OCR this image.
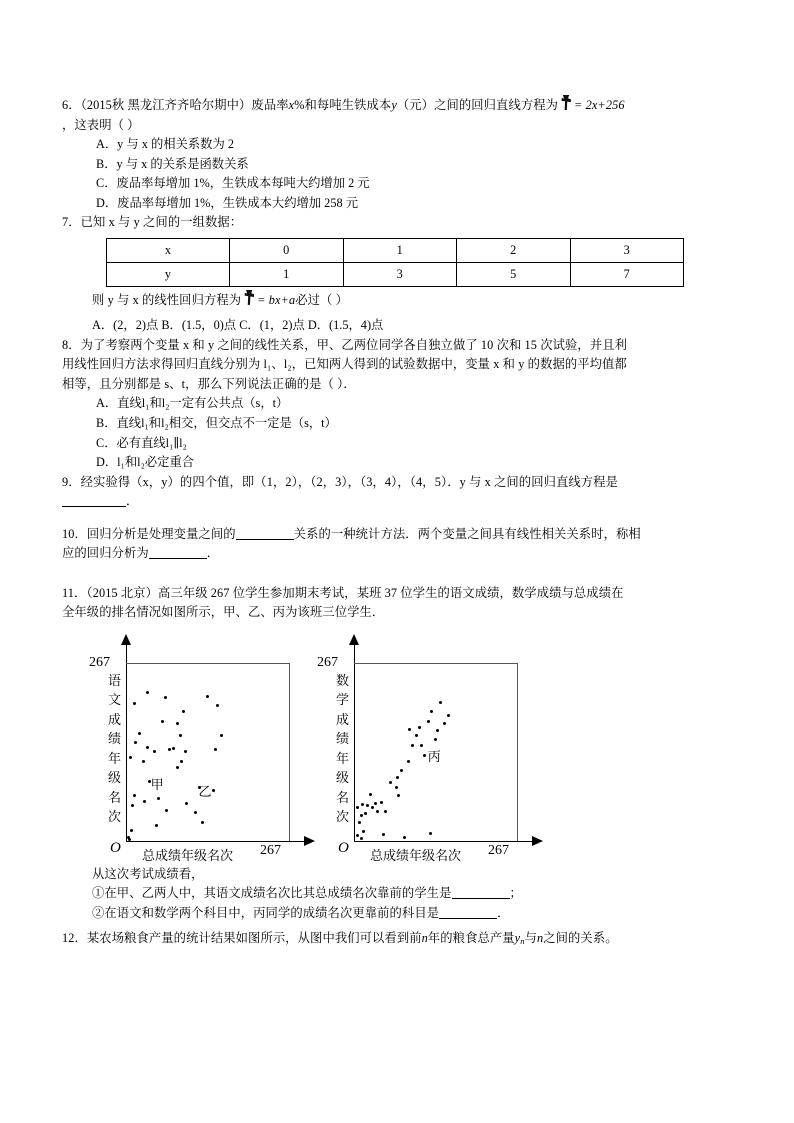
6．（2015秋 黑龙江齐齐哈尔期中）废品率x%和每吨生铁成本y（元）之间的回归直线方程为 = 2x+256
，这表明（ ）
A．y 与 x 的相关系数为 2
B．y 与 x 的关系是函数关系
C．废品率每增加 1%，生铁成本每吨大约增加 2 元
D．废品率每增加 1%，生铁成本大约增加 258 元
7．已知 x 与 y 之间的一组数据：
x	0	1	2	3
y	1	3	5	7
则 y 与 x 的线性回归方程为 = bx+a必过（ ）
A．(2，2)点 B．(1.5，0)点 C．(1，2)点 D．(1.5，4)点
8．为了考察两个变量 x 和 y 之间的线性关系，甲、乙两位同学各自独立做了 10 次和 15 次试验，并且利
用线性回归方法求得回归直线分别为 l₁、l₂，已知两人得到的试验数据中，变量 x 和 y 的数据的平均值都
相等，且分别都是 s、t，那么下列说法正确的是（ ）．
A．直线l₁和l₂一定有公共点（s，t）
B．直线l₁和l₂相交，但交点不一定是（s，t）
C．必有直线l₁∥l₂
D．l₁和l₂必定重合
9．经实验得（x，y）的四个值，即（1，2），（2，3），（3，4），（4，5）．y 与 x 之间的回归直线方程是
．
10．回归分析是处理变量之间的	关系的一种统计方法．两个变量之间具有线性相关关系时，称相
应的回归分析为	．
11．（2015 北京）高三年级 267 位学生参加期末考试，某班 37 位学生的语文成绩，数学成绩与总成绩在
全年级的排名情况如图所示，甲、乙、丙为该班三位学生．
267
267
O
语
文
成
绩
年
级
名
次
总成绩年级名次
甲	乙
267
267
O
数
学
成
绩
年
级
名
次
总成绩年级名次
丙
从这次考试成绩看，
①在甲、乙两人中，其语文成绩名次比其总成绩名次靠前的学生是	；
②在语文和数学两个科目中，丙同学的成绩名次更靠前的科目是	．
12．某农场粮食产量的统计结果如图所示，从图中我们可以看到前n年的粮食总产量$y_n$与n之间的关系。
